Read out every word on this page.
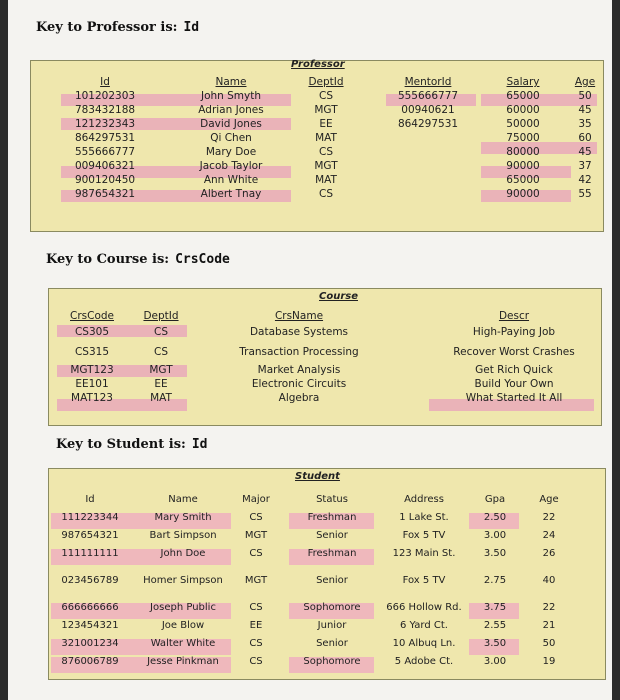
Key to Professor is: Id
Professor
Id
101202303
783432188
121232343
864297531
555666777
009406321
900120450
987654321
Name
John Smyth
Adrian Jones
David Jones
Qi Chen
Mary Doe
Jacob Taylor
Ann White
Albert Tnay
DeptId
CS
MGT
EE
MAT
CS
MGT
MAT
CS
MentorId
555666777
00940621
864297531
Salary
65000
60000
50000
75000
80000
90000
65000
90000
Age
50
45
35
60
45
37
42
55
Key to Course is: CrsCode
Course
CrsCode
CS305
CS315
MGT123
EE101
MAT123
DeptId
CS
CS
MGT
EE
MAT
CrsName
Database Systems
Transaction Processing
Market Analysis
Electronic Circuits
Algebra
Descr
High-Paying Job
Recover Worst Crashes
Get Rich Quick
Build Your Own
What Started It All
Key to Student is: Id
Student
Id
111223344
987654321
111111111
023456789
666666666
123454321
321001234
876006789
Name
Mary Smith
Bart Simpson
John Doe
Homer Simpson
Joseph Public
Joe Blow
Walter White
Jesse Pinkman
Major
CS
MGT
CS
MGT
CS
EE
CS
CS
Status
Freshman
Senior
Freshman
Senior
Sophomore
Junior
Senior
Sophomore
Address
1 Lake St.
Fox 5 TV
123 Main St.
Fox 5 TV
666 Hollow Rd.
6 Yard Ct.
10 Albuq Ln.
5 Adobe Ct.
Gpa
2.50
3.00
3.50
2.75
3.75
2.55
3.50
3.00
Age
22
24
26
40
22
21
50
19
